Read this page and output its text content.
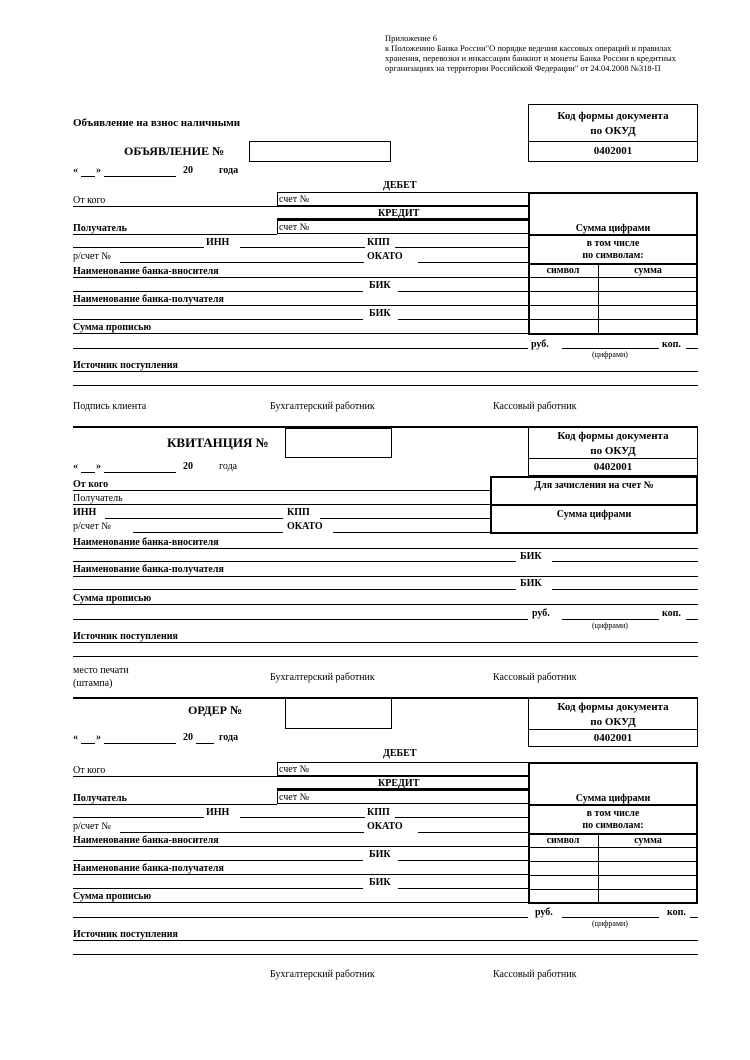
Приложение 6
к Положению Банка России"О порядке ведения кассовых операций и правилах хранения, перевозки и инкассации банкнот и монеты Банка России в кредитных организациях на территории Российской Федерации" от 24.04.2008 №318-П
Объявление на взнос наличными
Код формы документа
по ОКУД
0402001
ОБЪЯВЛЕНИЕ №
« »	20	года
ДЕБЕТ
От кого	счет №
КРЕДИТ
счет №
Получатель	Сумма цифрами
в том числе
по символам:
символ	сумма
ИНН	КПП
р/счет №	ОКАТО
Наименование банка-вносителя
БИК
Наименование банка-получателя
БИК
Сумма прописью
руб.	коп.
(цифрами)
Источник поступления
Подпись клиента	Бухгалтерский работник	Кассовый работник
Код формы документа
по ОКУД
0402001
КВИТАНЦИЯ №
« »	20	года
От кого
Получатель
ИНН	КПП
р/счет №	ОКАТО
Для зачисления на счет №
Сумма цифрами
Наименование банка-вносителя
БИК
Наименование банка-получателя
БИК
Сумма прописью
руб.	коп.
(цифрами)
Источник поступления
место печати
(штампа)
Бухгалтерский работник	Кассовый работник
Код формы документа
по ОКУД
0402001
ОРДЕР №
« »	20	года
ДЕБЕТ
От кого	счет №
КРЕДИТ
счет №
Получатель	Сумма цифрами
в том числе
по символам:
символ	сумма
ИНН	КПП
р/счет №	ОКАТО
Наименование банка-вносителя
БИК
Наименование банка-получателя
БИК
Сумма прописью
руб.	коп.
(цифрами)
Источник поступления
Бухгалтерский работник	Кассовый работник
